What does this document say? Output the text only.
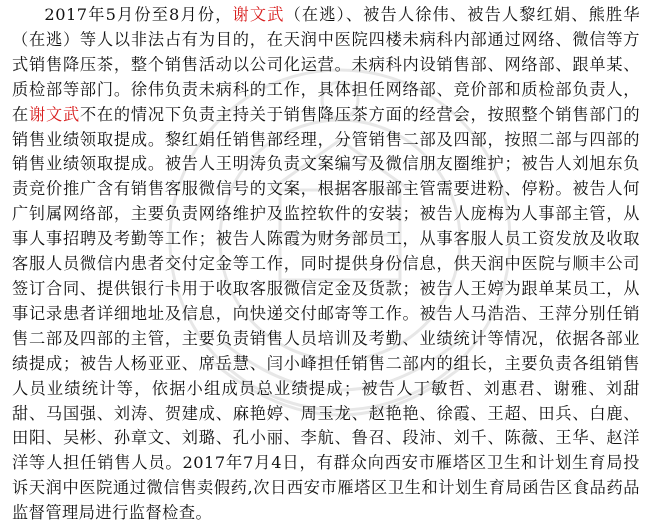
2017年5月份至8月份，谢文武（在逃）、被告人徐伟、被告人黎红娟、熊胜华（在逃）等人以非法占有为目的，在天润中医院四楼未病科内部通过网络、微信等方式销售降压茶，整个销售活动以公司化运营。未病科内设销售部、网络部、跟单某、质检部等部门。徐伟负责未病科的工作，具体担任网络部、竞价部和质检部负责人，在谢文武不在的情况下负责主持关于销售降压茶方面的经营会，按照整个销售部门的销售业绩领取提成。黎红娟任销售部经理，分管销售二部及四部，按照二部与四部的销售业绩领取提成。被告人王明涛负责文案编写及微信朋友圈维护；被告人刘旭东负责竞价推广含有销售客服微信号的文案，根据客服部主管需要进粉、停粉。被告人何广钊属网络部，主要负责网络维护及监控软件的安装；被告人庞梅为人事部主管，从事人事招聘及考勤等工作；被告人陈霞为财务部员工，从事客服人员工资发放及收取客服人员微信内患者交付定金等工作，同时提供身份信息，供天润中医院与顺丰公司签订合同、提供银行卡用于收取客服微信定金及货款；被告人王婷为跟单某员工，从事记录患者详细地址及信息，向快递交付邮寄等工作。被告人马浩浩、王萍分别任销售二部及四部的主管，主要负责销售人员培训及考勤、业绩统计等情况，依据各部业绩提成；被告人杨亚亚、席岳慧、闫小峰担任销售二部内的组长，主要负责各组销售人员业绩统计等，依据小组成员总业绩提成；被告人丁敏哲、刘惠君、谢雅、刘甜甜、马国强、刘涛、贺建成、麻艳婷、周玉龙、赵艳艳、徐霞、王超、田兵、白鹿、田阳、吴彬、孙章文、刘璐、孔小丽、李航、鲁召、段沛、刘千、陈薇、王华、赵洋洋等人担任销售人员。2017年7月4日，有群众向西安市雁塔区卫生和计划生育局投诉天润中医院通过微信售卖假药,次日西安市雁塔区卫生和计划生育局函告区食品药品监督管理局进行监督检查。
